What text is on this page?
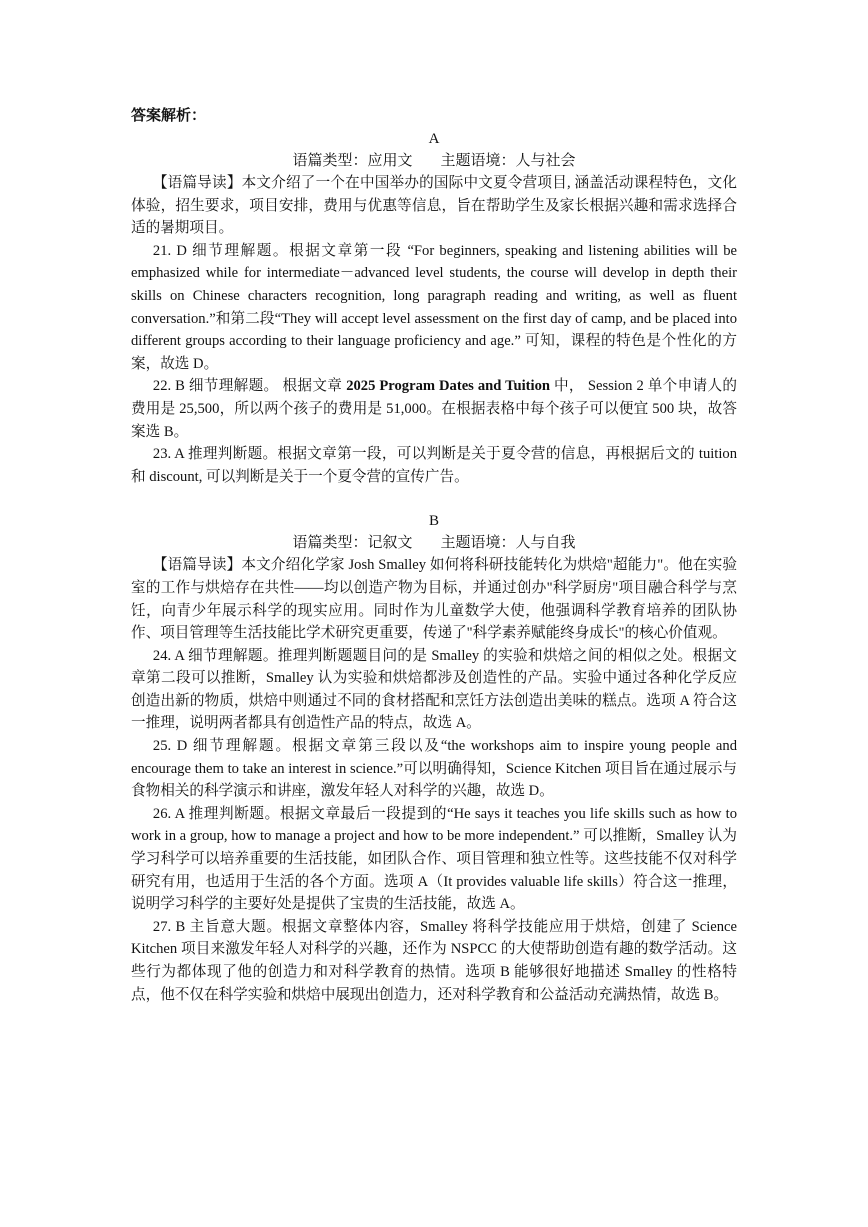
答案解析：

A

语篇类型：应用文 主题语境：人与社会

【语篇导读】本文介绍了一个在中国举办的国际中文夏令营项目, 涵盖活动课程特色，文化体验，招生要求，项目安排，费用与优惠等信息，旨在帮助学生及家长根据兴趣和需求选择合适的暑期项目。

21. D 细节理解题。根据文章第一段 “For beginners, speaking and listening abilities will be emphasized while for intermediate－advanced level students, the course will develop in depth their skills on Chinese characters recognition, long paragraph reading and writing, as well as fluent conversation.”和第二段“They will accept level assessment on the first day of camp, and be placed into different groups according to their language proficiency and age.” 可知，课程的特色是个性化的方案，故选 D。

22. B 细节理解题。 根据文章 2025 Program Dates and Tuition 中， Session 2 单个申请人的费用是 25,500，所以两个孩子的费用是 51,000。在根据表格中每个孩子可以便宜 500 块，故答案选 B。

23. A 推理判断题。根据文章第一段，可以判断是关于夏令营的信息，再根据后文的 tuition 和 discount, 可以判断是关于一个夏令营的宣传广告。

B

语篇类型：记叙文 主题语境：人与自我

【语篇导读】本文介绍化学家 Josh Smalley 如何将科研技能转化为烘焙"超能力"。他在实验室的工作与烘焙存在共性——均以创造产物为目标，并通过创办"科学厨房"项目融合科学与烹饪，向青少年展示科学的现实应用。同时作为儿童数学大使，他强调科学教育培养的团队协作、项目管理等生活技能比学术研究更重要，传递了"科学素养赋能终身成长"的核心价值观。

24. A 细节理解题。推理判断题题目问的是 Smalley 的实验和烘焙之间的相似之处。根据文章第二段可以推断，Smalley 认为实验和烘焙都涉及创造性的产品。实验中通过各种化学反应创造出新的物质，烘焙中则通过不同的食材搭配和烹饪方法创造出美味的糕点。选项 A 符合这一推理，说明两者都具有创造性产品的特点，故选 A。

25. D 细节理解题。根据文章第三段以及“the workshops aim to inspire young people and encourage them to take an interest in science.”可以明确得知，Science Kitchen 项目旨在通过展示与食物相关的科学演示和讲座，激发年轻人对科学的兴趣，故选 D。

26. A 推理判断题。根据文章最后一段提到的“He says it teaches you life skills such as how to work in a group, how to manage a project and how to be more independent.” 可以推断，Smalley 认为学习科学可以培养重要的生活技能，如团队合作、项目管理和独立性等。这些技能不仅对科学研究有用，也适用于生活的各个方面。选项 A（It provides valuable life skills）符合这一推理，说明学习科学的主要好处是提供了宝贵的生活技能，故选 A。

27. B 主旨意大题。根据文章整体内容，Smalley 将科学技能应用于烘焙，创建了 Science Kitchen 项目来激发年轻人对科学的兴趣，还作为 NSPCC 的大使帮助创造有趣的数学活动。这些行为都体现了他的创造力和对科学教育的热情。选项 B 能够很好地描述 Smalley 的性格特点，他不仅在科学实验和烘焙中展现出创造力，还对科学教育和公益活动充满热情，故选 B。
